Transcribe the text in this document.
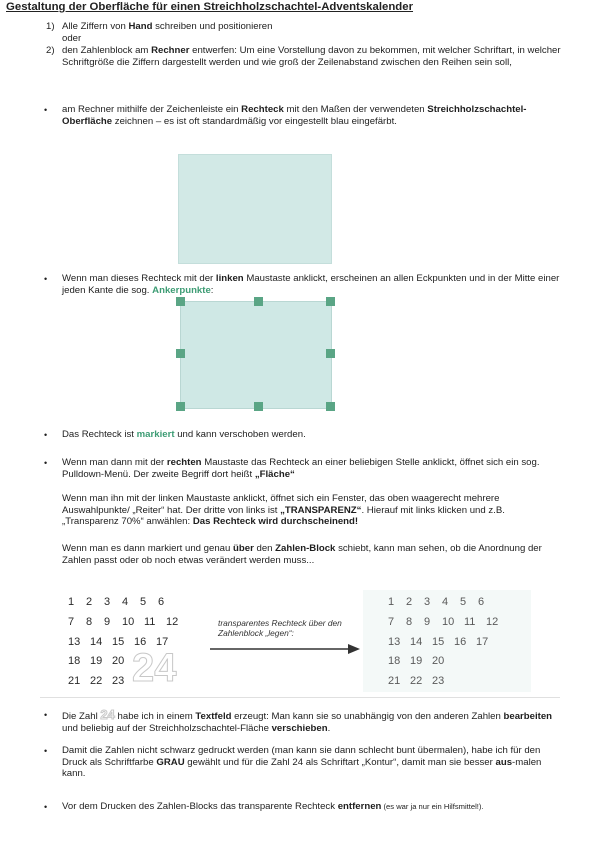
Gestaltung der Oberfläche für einen Streichholzschachtel-Adventskalender
1) Alle Ziffern von Hand schreiben und positionieren
oder
2) den Zahlenblock am Rechner entwerfen: Um eine Vorstellung davon zu bekommen, mit welcher Schriftart, in welcher Schriftgröße die Ziffern dargestellt werden und wie groß der Zeilenabstand zwischen den Reihen sein soll,
• am Rechner mithilfe der Zeichenleiste ein Rechteck mit den Maßen der verwendeten Streichholzschachtel-Oberfläche zeichnen – es ist oft standardmäßig vor eingestellt blau eingefärbt.
• Wenn man dieses Rechteck mit der linken Maustaste anklickt, erscheinen an allen Eckpunkten und in der Mitte einer jeden Kante die sog. Ankerpunkte:
• Das Rechteck ist markiert und kann verschoben werden.
• Wenn man dann mit der rechten Maustaste das Rechteck an einer beliebigen Stelle anklickt, öffnet sich ein sog. Pulldown-Menü. Der zweite Begriff dort heißt „Fläche“
Wenn man ihn mit der linken Maustaste anklickt, öffnet sich ein Fenster, das oben waagerecht mehrere Auswahlpunkte/ „Reiter“ hat. Der dritte von links ist „TRANSPARENZ“. Hierauf mit links klicken und z.B. „Transparenz 70%“ anwählen: Das Rechteck wird durchscheinend!
Wenn man es dann markiert und genau über den Zahlen-Block schiebt, kann man sehen, ob die Anordnung der Zahlen passt oder ob noch etwas verändert werden muss...
1 2 3 4 5 6
7 8 9 10 11 12
13 14 15 16 17
18 19 20
21 22 23 24
transparentes Rechteck über den Zahlenblock „legen“:
1 2 3 4 5 6
7 8 9 10 11 12
13 14 15 16 17
18 19 20
21 22 23
• Die Zahl 24 habe ich in einem Textfeld erzeugt: Man kann sie so unabhängig von den anderen Zahlen bearbeiten und beliebig auf der Streichholzschachtel-Fläche verschieben.
• Damit die Zahlen nicht schwarz gedruckt werden (man kann sie dann schlecht bunt übermalen), habe ich für den Druck als Schriftfarbe GRAU gewählt und für die Zahl 24 als Schriftart „Kontur“, damit man sie besser aus-malen kann.
• Vor dem Drucken des Zahlen-Blocks das transparente Rechteck entfernen (es war ja nur ein Hilfsmittel!).
